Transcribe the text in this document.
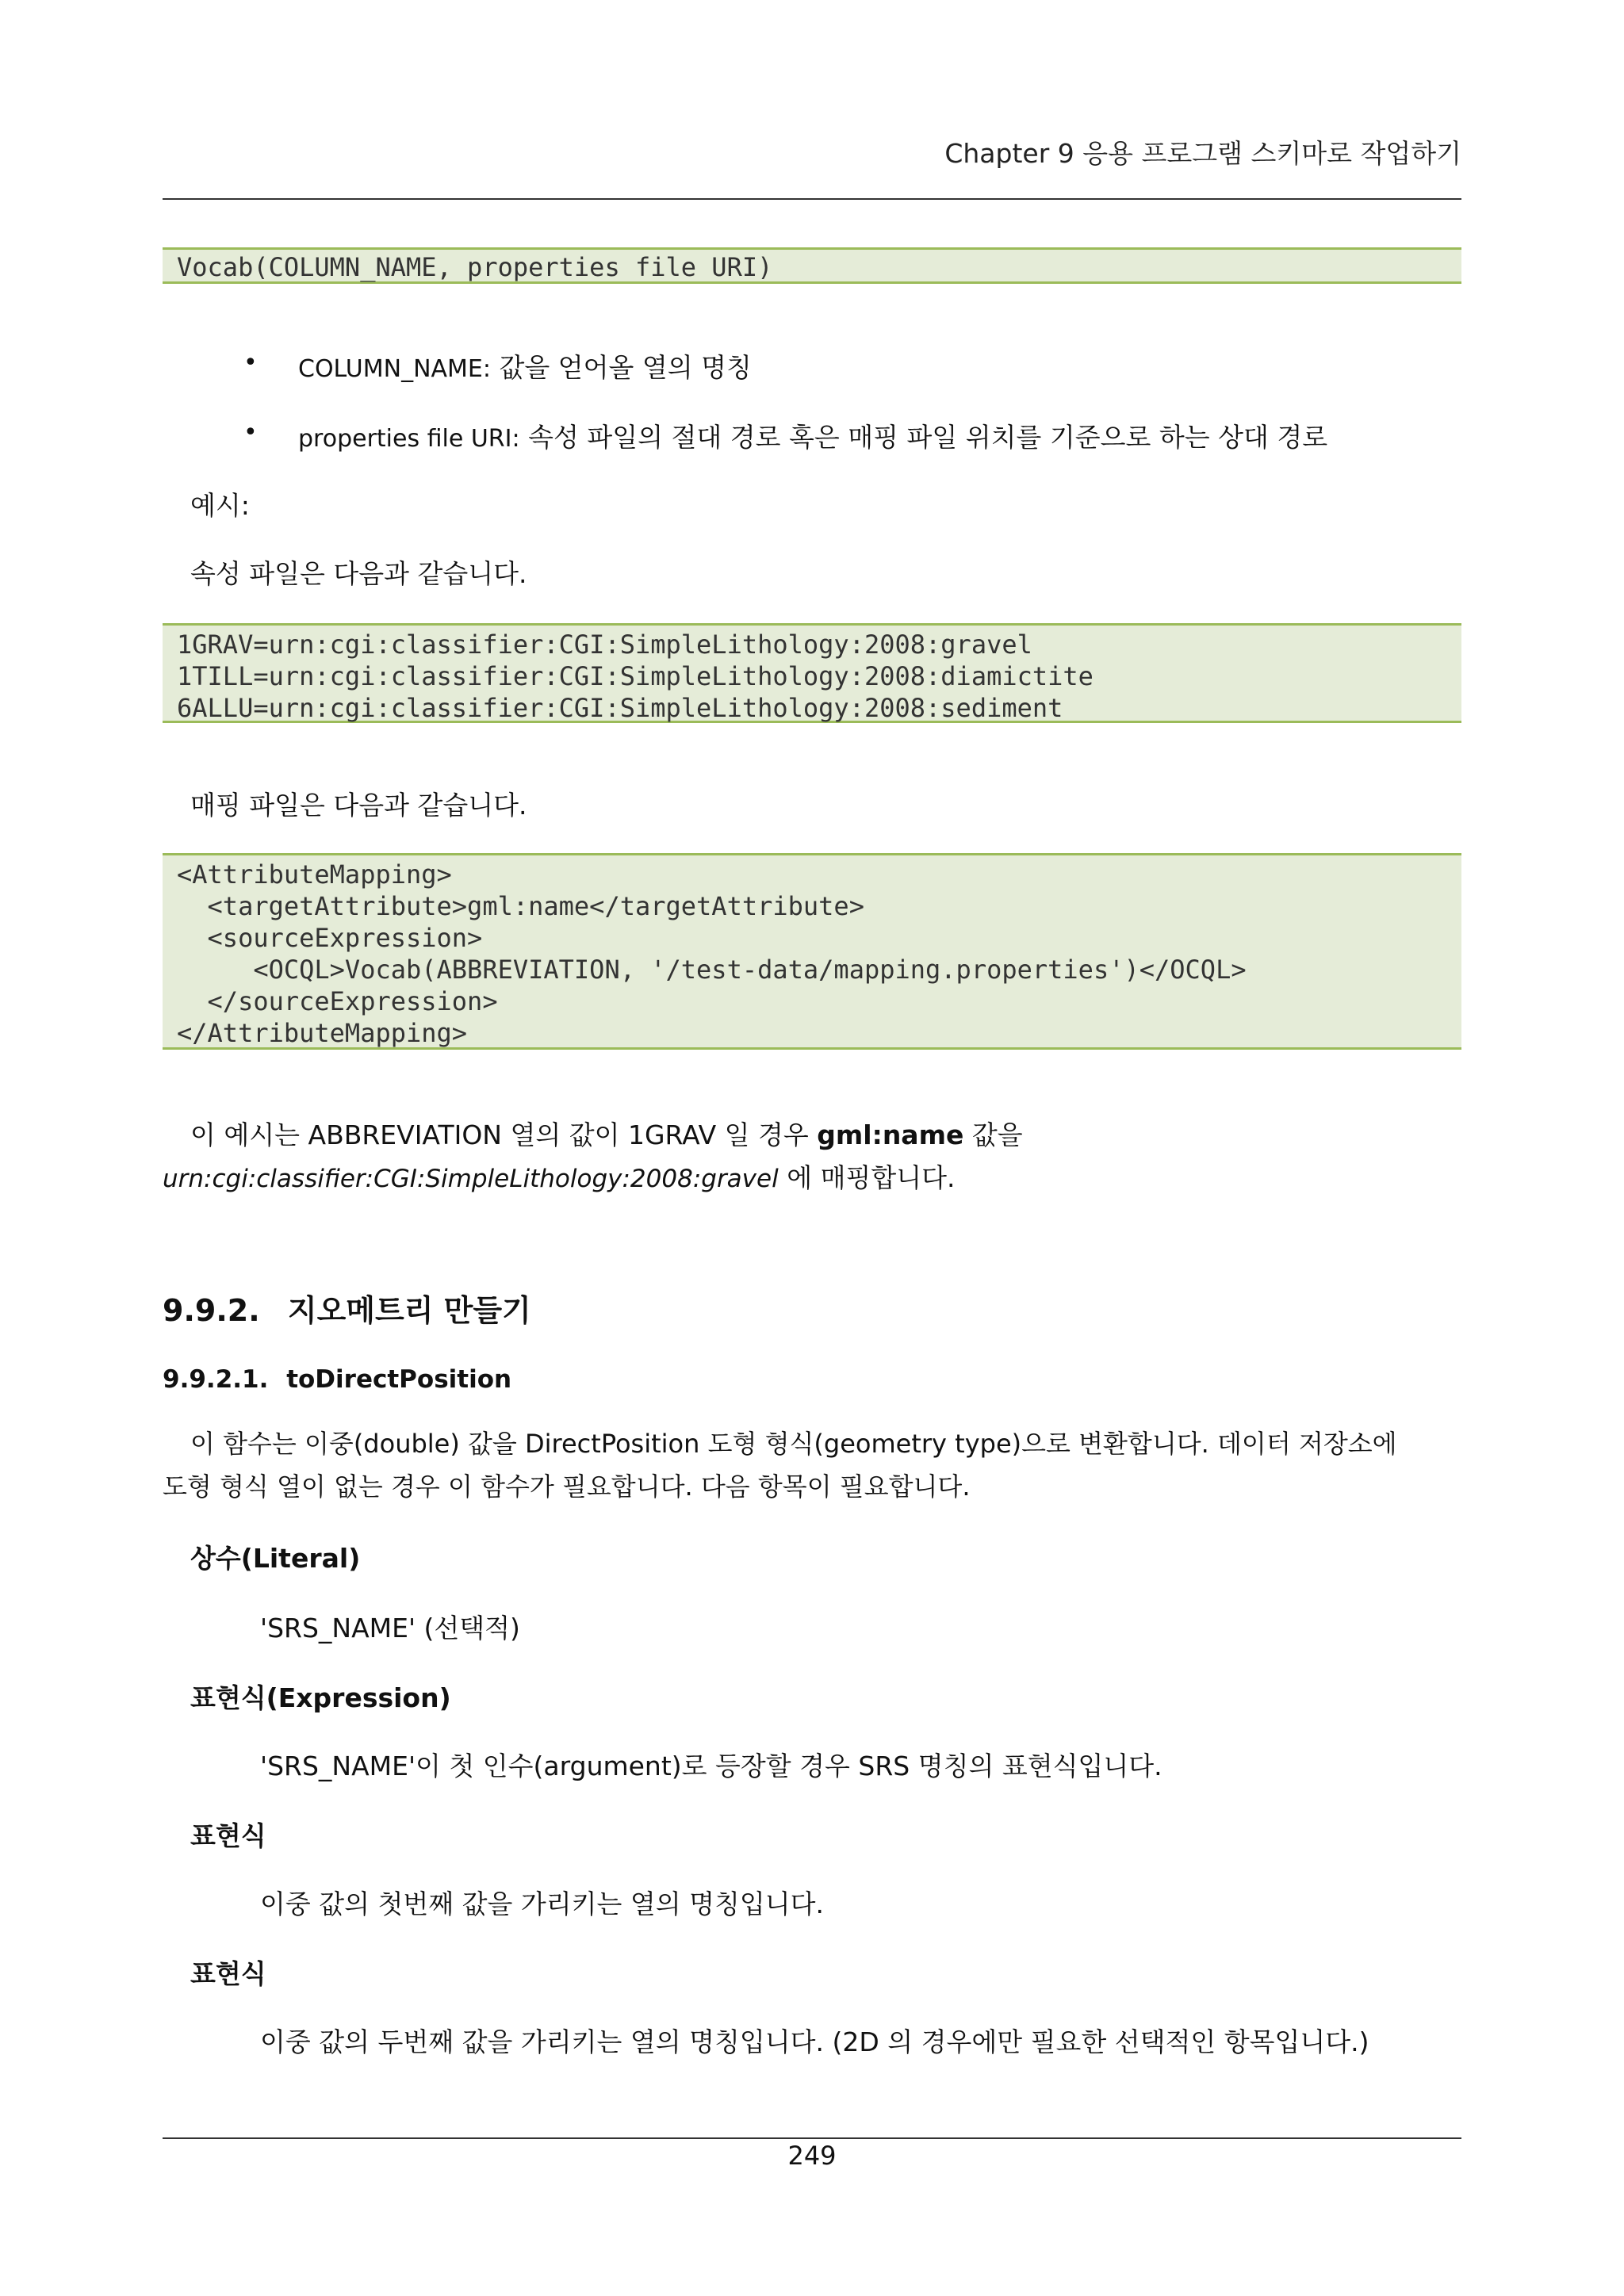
Chapter 9 응용 프로그램 스키마로 작업하기
Vocab(COLUMN_NAME, properties file URI)
• COLUMN_NAME: 값을 얻어올 열의 명칭
• properties file URI: 속성 파일의 절대 경로 혹은 매핑 파일 위치를 기준으로 하는 상대 경로
예시:
속성 파일은 다음과 같습니다.
1GRAV=urn:cgi:classifier:CGI:SimpleLithology:2008:gravel
1TILL=urn:cgi:classifier:CGI:SimpleLithology:2008:diamictite
6ALLU=urn:cgi:classifier:CGI:SimpleLithology:2008:sediment
매핑 파일은 다음과 같습니다.
<AttributeMapping>
<targetAttribute>gml:name</targetAttribute>
<sourceExpression>
<OCQL>Vocab(ABBREVIATION, '/test-data/mapping.properties')</OCQL>
</sourceExpression>
</AttributeMapping>
이 예시는 ABBREVIATION 열의 값이 1GRAV 일 경우 gml:name 값을
urn:cgi:classifier:CGI:SimpleLithology:2008:gravel 에 매핑합니다.
9.9.2. 지오메트리 만들기
9.9.2.1. toDirectPosition
이 함수는 이중(double) 값을 DirectPosition 도형 형식(geometry type)으로 변환합니다. 데이터 저장소에
도형 형식 열이 없는 경우 이 함수가 필요합니다. 다음 항목이 필요합니다.
상수(Literal)
'SRS_NAME' (선택적)
표현식(Expression)
'SRS_NAME'이 첫 인수(argument)로 등장할 경우 SRS 명칭의 표현식입니다.
표현식
이중 값의 첫번째 값을 가리키는 열의 명칭입니다.
표현식
이중 값의 두번째 값을 가리키는 열의 명칭입니다. (2D 의 경우에만 필요한 선택적인 항목입니다.)
249
